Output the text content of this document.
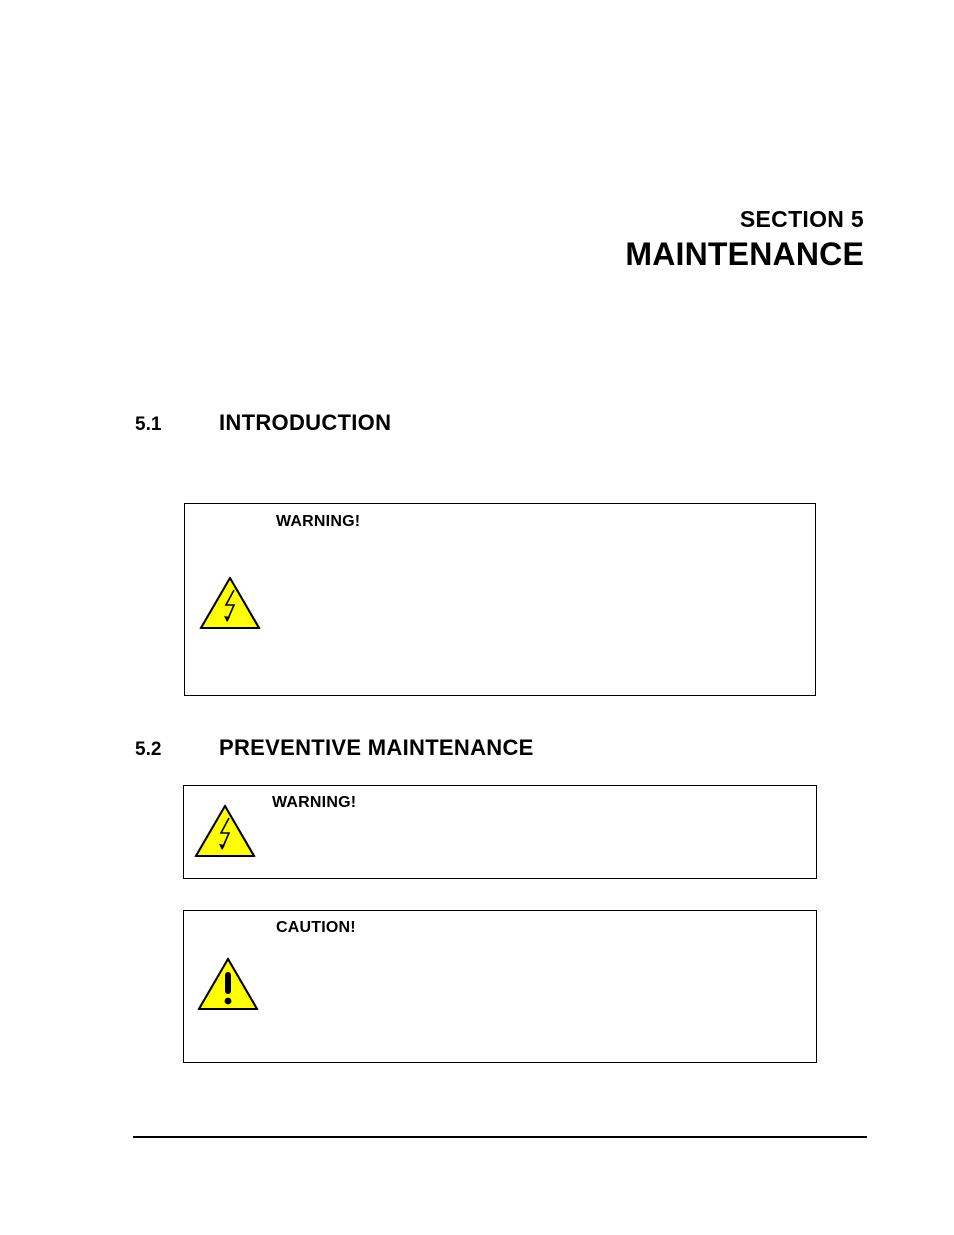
SECTION 5
MAINTENANCE
5.1	INTRODUCTION
WARNING!
5.2	PREVENTIVE MAINTENANCE
WARNING!
CAUTION!
